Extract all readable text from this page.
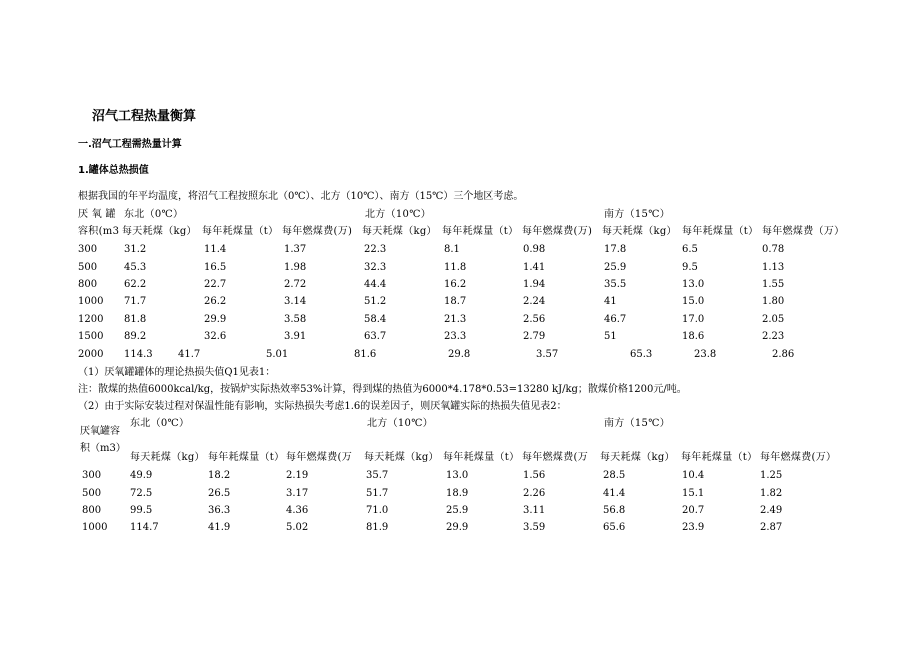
沼气工程热量衡算
一.沼气工程需热量计算
1.罐体总热损值
根据我国的年平均温度，将沼气工程按照东北（0℃）、北方（10℃）、南方（15℃）三个地区考虑。
厌 氧 罐 东北（0℃）	北方（10℃）	南方（15℃）
容积(m3 每天耗煤（kg） 每年耗煤量（t） 每年燃煤费(万) 每天耗煤（kg） 每年耗煤量（t） 每年燃煤费(万) 每天耗煤（kg） 每年耗煤量（t） 每年燃煤费（万）
300	31.2	11.4	1.37	22.3	8.1	0.98	17.8	6.5	0.78
500	45.3	16.5	1.98	32.3	11.8	1.41	25.9	9.5	1.13
800	62.2	22.7	2.72	44.4	16.2	1.94	35.5	13.0	1.55
1000 71.7	26.2	3.14	51.2	18.7	2.24	41	15.0	1.80
1200 81.8	29.9	3.58	58.4	21.3	2.56	46.7	17.0	2.05
1500 89.2	32.6	3.91	63.7	23.3	2.79	51	18.6	2.23
2000 114.3	41.7	5.01	81.6	29.8	3.57	65.3	23.8	2.86
（1）厌氧罐罐体的理论热损失值Q1见表1：
注：散煤的热值6000kcal/kg，按锅炉实际热效率53%计算，得到煤的热值为6000*4.178*0.53=13280 kJ/kg；散煤价格1200元/吨。
（2）由于实际安装过程对保温性能有影响，实际热损失考虑1.6的误差因子，则厌氧罐实际的热损失值见表2：
东北（0℃）	北方（10℃）	南方（15℃）
厌氧罐容
积（m3）
每天耗煤（kg） 每年耗煤量（t） 每年燃煤费(万 每天耗煤（kg） 每年耗煤量（t） 每年燃煤费(万 每天耗煤（kg） 每年耗煤量（t） 每年燃煤费(万）
300	49.9	18.2	2.19	35.7	13.0	1.56	28.5	10.4	1.25
500	72.5	26.5	3.17	51.7	18.9	2.26	41.4	15.1	1.82
800	99.5	36.3	4.36	71.0	25.9	3.11	56.8	20.7	2.49
1000 114.7	41.9	5.02	81.9	29.9	3.59	65.6	23.9	2.87
